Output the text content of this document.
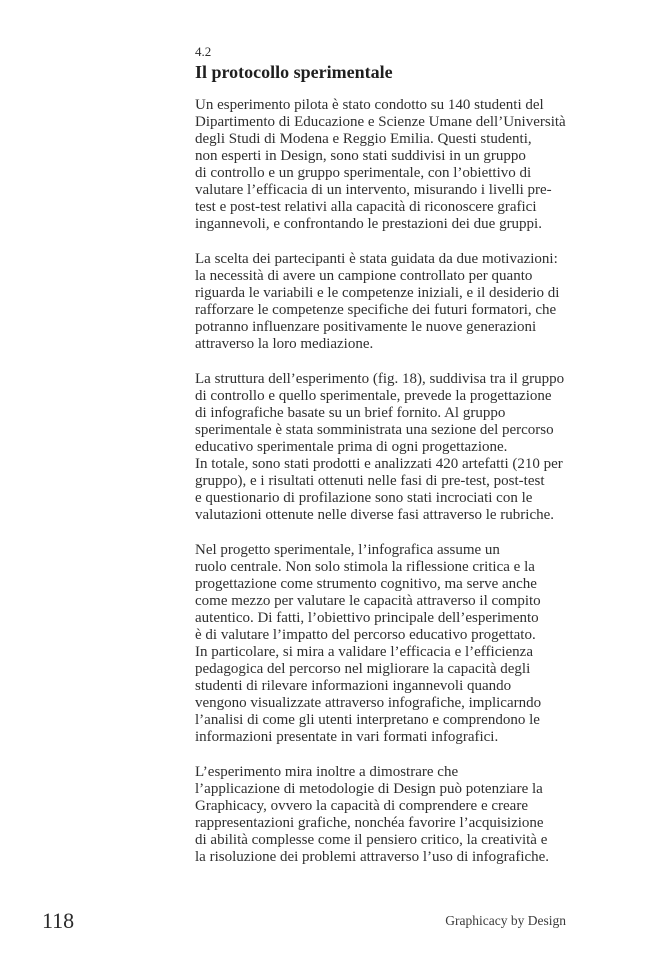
4.2
Il protocollo sperimentale

Un esperimento pilota è stato condotto su 140 studenti del
Dipartimento di Educazione e Scienze Umane dell’Università
degli Studi di Modena e Reggio Emilia. Questi studenti,
non esperti in Design, sono stati suddivisi in un gruppo
di controllo e un gruppo sperimentale, con l’obiettivo di
valutare l’efficacia di un intervento, misurando i livelli pre-
test e post-test relativi alla capacità di riconoscere grafici
ingannevoli, e confrontando le prestazioni dei due gruppi.

La scelta dei partecipanti è stata guidata da due motivazioni:
la necessità di avere un campione controllato per quanto
riguarda le variabili e le competenze iniziali, e il desiderio di
rafforzare le competenze specifiche dei futuri formatori, che
potranno influenzare positivamente le nuove generazioni
attraverso la loro mediazione.

La struttura dell’esperimento (fig. 18), suddivisa tra il gruppo
di controllo e quello sperimentale, prevede la progettazione
di infografiche basate su un brief fornito. Al gruppo
sperimentale è stata somministrata una sezione del percorso
educativo sperimentale prima di ogni progettazione.
In totale, sono stati prodotti e analizzati 420 artefatti (210 per
gruppo), e i risultati ottenuti nelle fasi di pre-test, post-test
e questionario di profilazione sono stati incrociati con le
valutazioni ottenute nelle diverse fasi attraverso le rubriche.

Nel progetto sperimentale, l’infografica assume un
ruolo centrale. Non solo stimola la riflessione critica e la
progettazione come strumento cognitivo, ma serve anche
come mezzo per valutare le capacità attraverso il compito
autentico. Di fatti, l’obiettivo principale dell’esperimento
è di valutare l’impatto del percorso educativo progettato.
In particolare, si mira a validare l’efficacia e l’efficienza
pedagogica del percorso nel migliorare la capacità degli
studenti di rilevare informazioni ingannevoli quando
vengono visualizzate attraverso infografiche, implicarndo
l’analisi di come gli utenti interpretano e comprendono le
informazioni presentate in vari formati infografici.

L’esperimento mira inoltre a dimostrare che
l’applicazione di metodologie di Design può potenziare la
Graphicacy, ovvero la capacità di comprendere e creare
rappresentazioni grafiche, nonchéa favorire l’acquisizione
di abilità complesse come il pensiero critico, la creatività e
la risoluzione dei problemi attraverso l’uso di infografiche.

118	Graphicacy by Design
